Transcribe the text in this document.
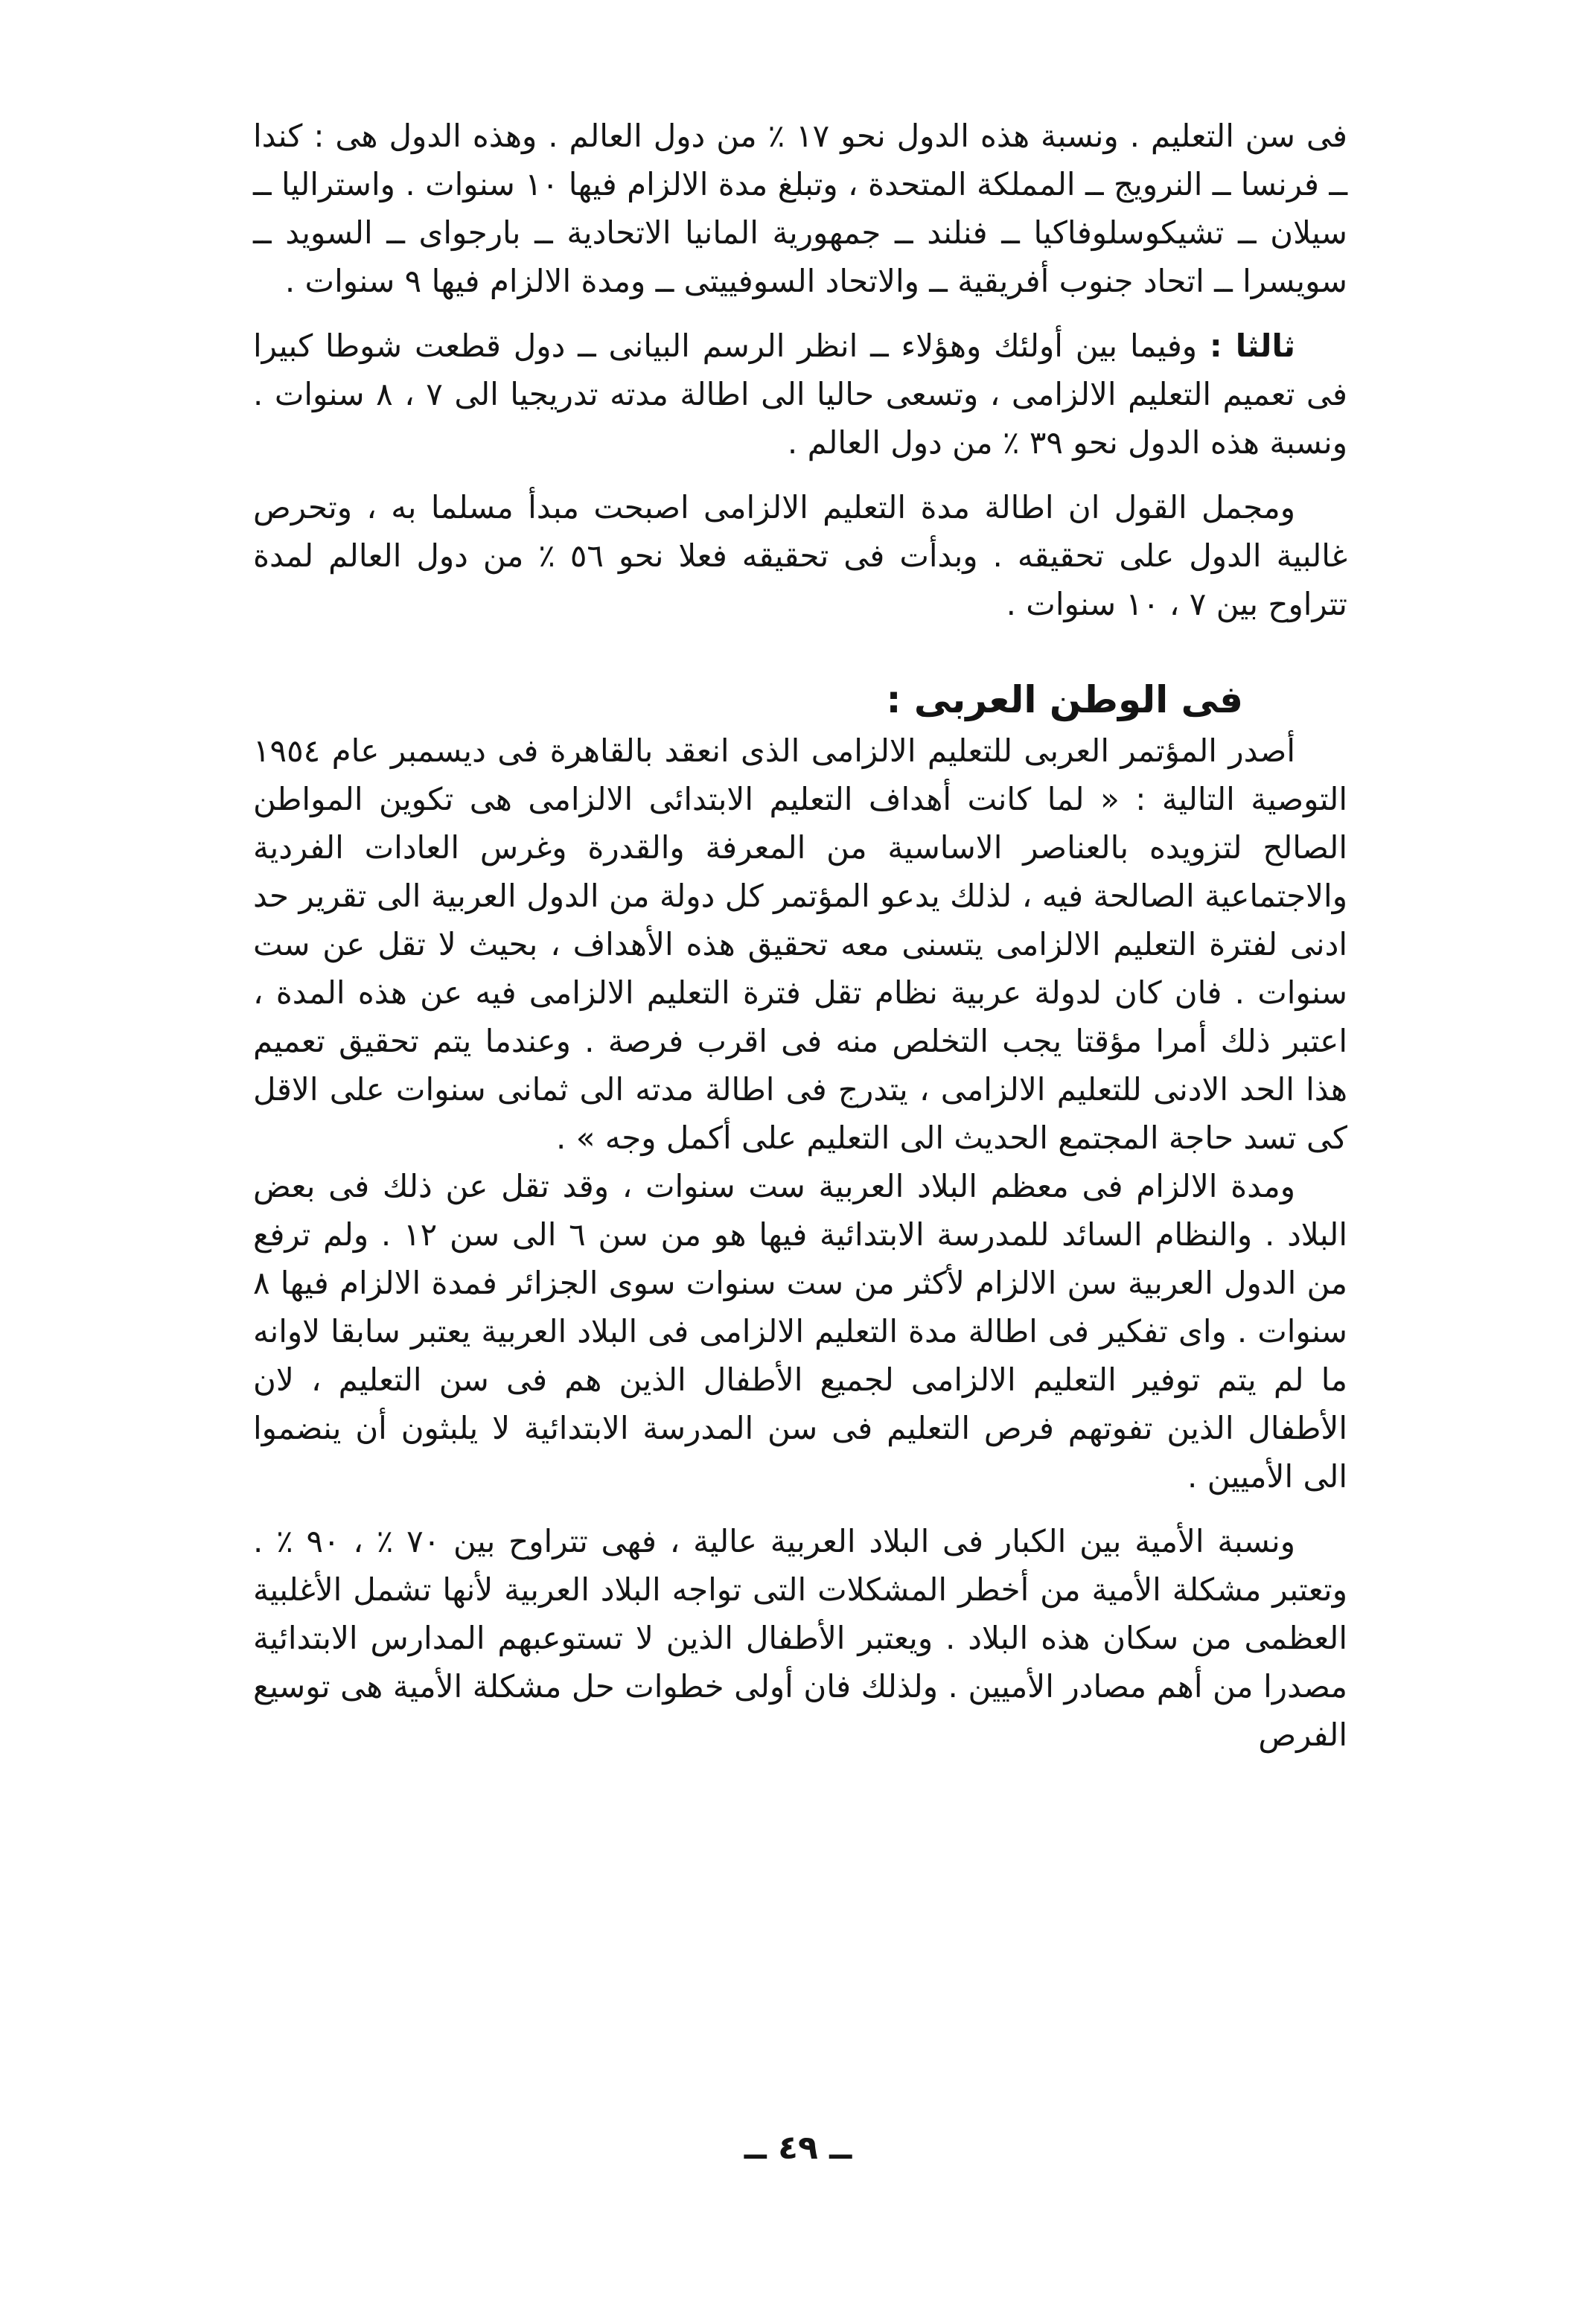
فى سن التعليم . ونسبة هذه الدول نحو ١٧ ٪ من دول العالم . وهذه الدول هى : كندا ــ فرنسا ــ النرويج ــ المملكة المتحدة ، وتبلغ مدة الالزام فيها ١٠ سنوات . واستراليا ــ سيلان ــ تشيكوسلوفاكيا ــ فنلند ــ جمهورية المانيا الاتحادية ــ بارجواى ــ السويد ــ سويسرا ــ اتحاد جنوب أفريقية ــ والاتحاد السوفييتى ــ ومدة الالزام فيها ٩ سنوات .

ثالثا : وفيما بين أولئك وهؤلاء ــ انظر الرسم البيانى ــ دول قطعت شوطا كبيرا فى تعميم التعليم الالزامى ، وتسعى حاليا الى اطالة مدته تدريجيا الى ٧ ، ٨ سنوات . ونسبة هذه الدول نحو ٣٩ ٪ من دول العالم .

ومجمل القول ان اطالة مدة التعليم الالزامى اصبحت مبدأ مسلما به ، وتحرص غالبية الدول على تحقيقه . وبدأت فى تحقيقه فعلا نحو ٥٦ ٪ من دول العالم لمدة تتراوح بين ٧ ، ١٠ سنوات .

فى الوطن العربى :

أصدر المؤتمر العربى للتعليم الالزامى الذى انعقد بالقاهرة فى ديسمبر عام ١٩٥٤ التوصية التالية : « لما كانت أهداف التعليم الابتدائى الالزامى هى تكوين المواطن الصالح لتزويده بالعناصر الاساسية من المعرفة والقدرة وغرس العادات الفردية والاجتماعية الصالحة فيه ، لذلك يدعو المؤتمر كل دولة من الدول العربية الى تقرير حد ادنى لفترة التعليم الالزامى يتسنى معه تحقيق هذه الأهداف ، بحيث لا تقل عن ست سنوات . فان كان لدولة عربية نظام تقل فترة التعليم الالزامى فيه عن هذه المدة ، اعتبر ذلك أمرا مؤقتا يجب التخلص منه فى اقرب فرصة . وعندما يتم تحقيق تعميم هذا الحد الادنى للتعليم الالزامى ، يتدرج فى اطالة مدته الى ثمانى سنوات على الاقل كى تسد حاجة المجتمع الحديث الى التعليم على أكمل وجه » .

ومدة الالزام فى معظم البلاد العربية ست سنوات ، وقد تقل عن ذلك فى بعض البلاد . والنظام السائد للمدرسة الابتدائية فيها هو من سن ٦ الى سن ١٢ . ولم ترفع من الدول العربية سن الالزام لأكثر من ست سنوات سوى الجزائر فمدة الالزام فيها ٨ سنوات . واى تفكير فى اطالة مدة التعليم الالزامى فى البلاد العربية يعتبر سابقا لاوانه ما لم يتم توفير التعليم الالزامى لجميع الأطفال الذين هم فى سن التعليم ، لان الأطفال الذين تفوتهم فرص التعليم فى سن المدرسة الابتدائية لا يلبثون أن ينضموا الى الأميين .

ونسبة الأمية بين الكبار فى البلاد العربية عالية ، فهى تتراوح بين ٧٠ ٪ ، ٩٠ ٪ . وتعتبر مشكلة الأمية من أخطر المشكلات التى تواجه البلاد العربية لأنها تشمل الأغلبية العظمى من سكان هذه البلاد . ويعتبر الأطفال الذين لا تستوعبهم المدارس الابتدائية مصدرا من أهم مصادر الأميين . ولذلك فان أولى خطوات حل مشكلة الأمية هى توسيع الفرص

ــ ٤٩ ــ
